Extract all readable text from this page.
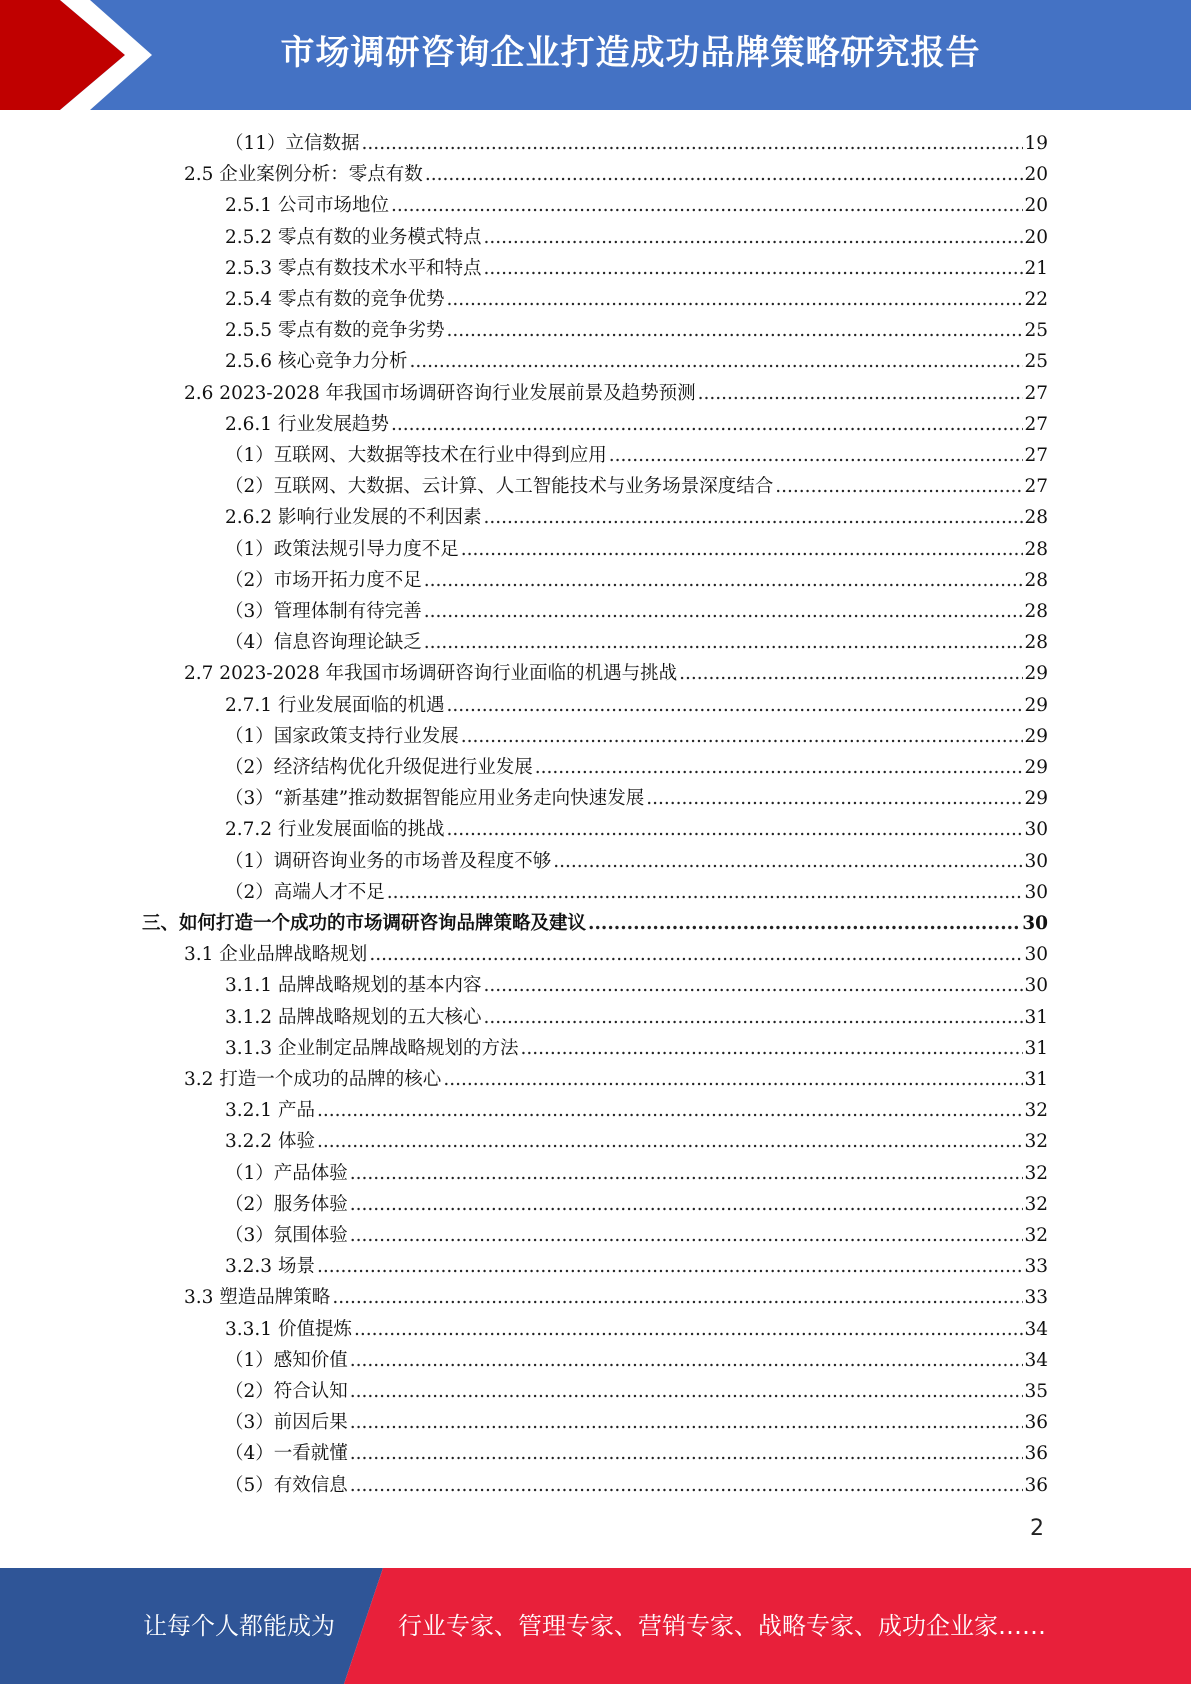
市场调研咨询企业打造成功品牌策略研究报告
（11）立信数据 .....	19
2.5 企业案例分析：零点有数 .....	20
2.5.1 公司市场地位 .....	20
2.5.2 零点有数的业务模式特点 .....	20
2.5.3 零点有数技术水平和特点 .....	21
2.5.4 零点有数的竞争优势 .....	22
2.5.5 零点有数的竞争劣势 .....	25
2.5.6 核心竞争力分析 .....	25
2.6 2023-2028 年我国市场调研咨询行业发展前景及趋势预测 .....	27
2.6.1 行业发展趋势 .....	27
（1）互联网、大数据等技术在行业中得到应用 .....	27
（2）互联网、大数据、云计算、人工智能技术与业务场景深度结合 .....	27
2.6.2 影响行业发展的不利因素 .....	28
（1）政策法规引导力度不足 .....	28
（2）市场开拓力度不足 .....	28
（3）管理体制有待完善 .....	28
（4）信息咨询理论缺乏 .....	28
2.7 2023-2028 年我国市场调研咨询行业面临的机遇与挑战 .....	29
2.7.1 行业发展面临的机遇 .....	29
（1）国家政策支持行业发展 .....	29
（2）经济结构优化升级促进行业发展 .....	29
（3）“新基建”推动数据智能应用业务走向快速发展 .....	29
2.7.2 行业发展面临的挑战 .....	30
（1）调研咨询业务的市场普及程度不够 .....	30
（2）高端人才不足 .....	30
三、如何打造一个成功的市场调研咨询品牌策略及建议 .....	30
3.1 企业品牌战略规划 .....	30
3.1.1 品牌战略规划的基本内容 .....	30
3.1.2 品牌战略规划的五大核心 .....	31
3.1.3 企业制定品牌战略规划的方法 .....	31
3.2 打造一个成功的品牌的核心 .....	31
3.2.1 产品 .....	32
3.2.2 体验 .....	32
（1）产品体验 .....	32
（2）服务体验 .....	32
（3）氛围体验 .....	32
3.2.3 场景 .....	33
3.3 塑造品牌策略 .....	33
3.3.1 价值提炼 .....	34
（1）感知价值 .....	34
（2）符合认知 .....	35
（3）前因后果 .....	36
（4）一看就懂 .....	36
（5）有效信息 .....	36
2
让每个人都能成为	行业专家、管理专家、营销专家、战略专家、成功企业家……
